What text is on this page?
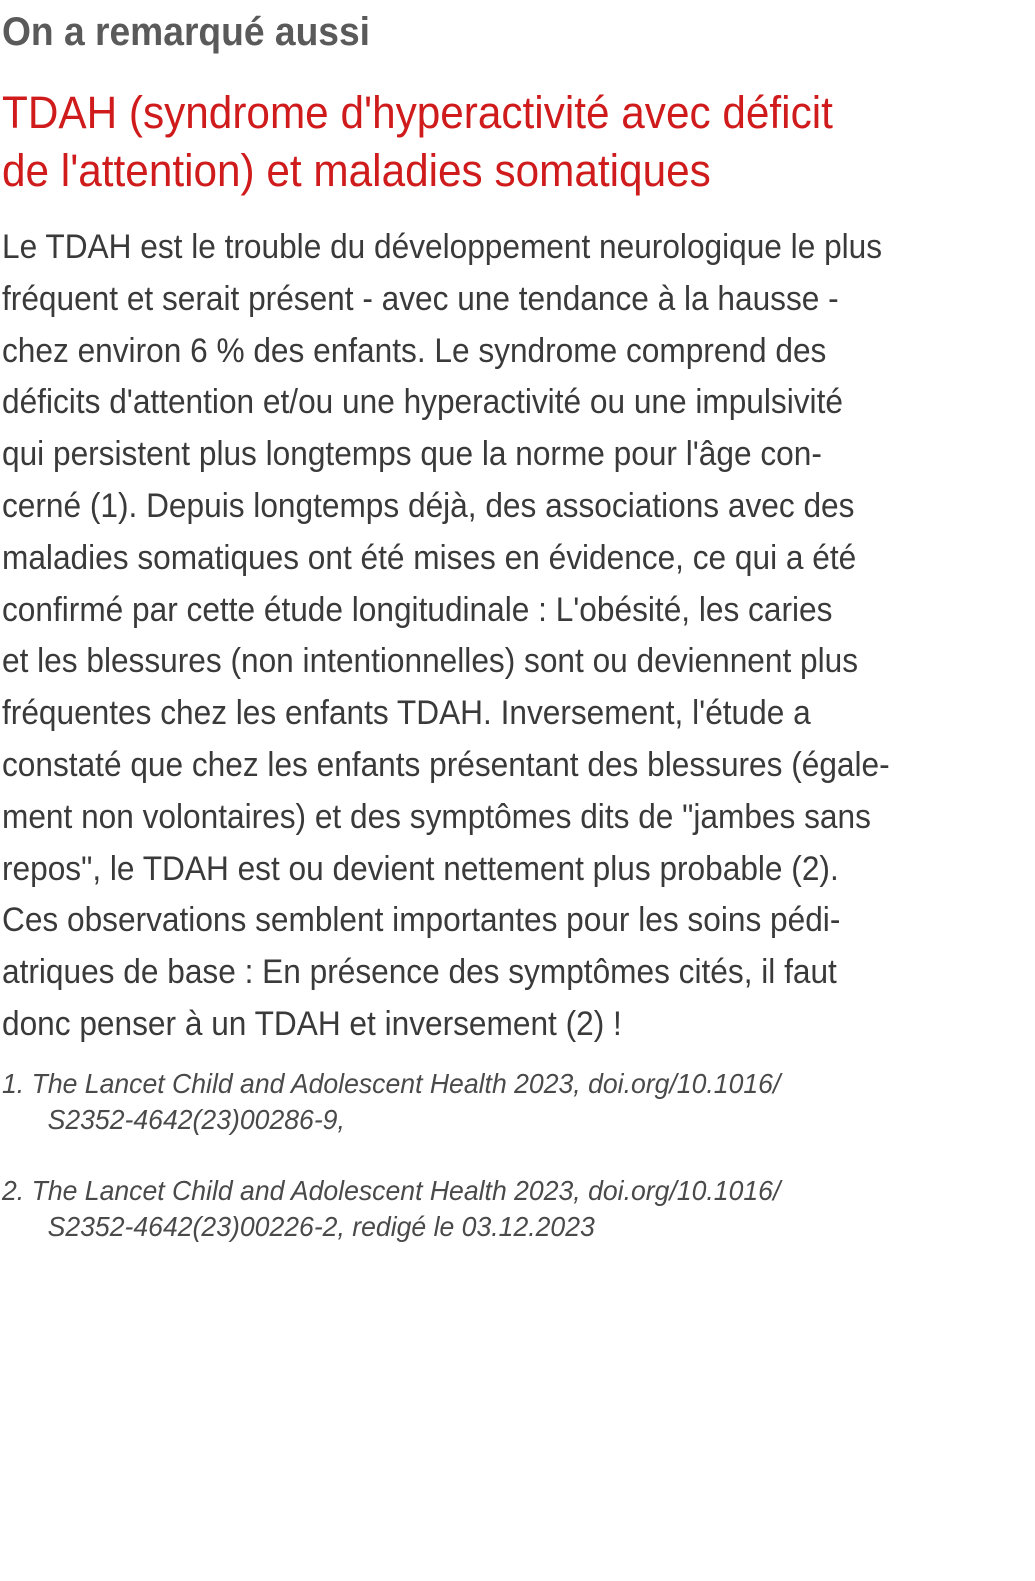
On a remarqué aussi
TDAH (syndrome d'hyperactivité avec déficit
de l'attention) et maladies somatiques
Le TDAH est le trouble du développement neurologique le plus
fréquent et serait présent - avec une tendance à la hausse -
chez environ 6 % des enfants. Le syndrome comprend des
déficits d'attention et/ou une hyperactivité ou une impulsivité
qui persistent plus longtemps que la norme pour l'âge con-
cerné (1). Depuis longtemps déjà, des associations avec des
maladies somatiques ont été mises en évidence, ce qui a été
confirmé par cette étude longitudinale : L'obésité, les caries
et les blessures (non intentionnelles) sont ou deviennent plus
fréquentes chez les enfants TDAH. Inversement, l'étude a
constaté que chez les enfants présentant des blessures (égale-
ment non volontaires) et des symptômes dits de "jambes sans
repos", le TDAH est ou devient nettement plus probable (2).
Ces observations semblent importantes pour les soins pédi-
atriques de base : En présence des symptômes cités, il faut
donc penser à un TDAH et inversement (2) !
1. The Lancet Child and Adolescent Health 2023, doi.org/10.1016/
S2352-4642(23)00286-9,
2. The Lancet Child and Adolescent Health 2023, doi.org/10.1016/
S2352-4642(23)00226-2, redigé le 03.12.2023
